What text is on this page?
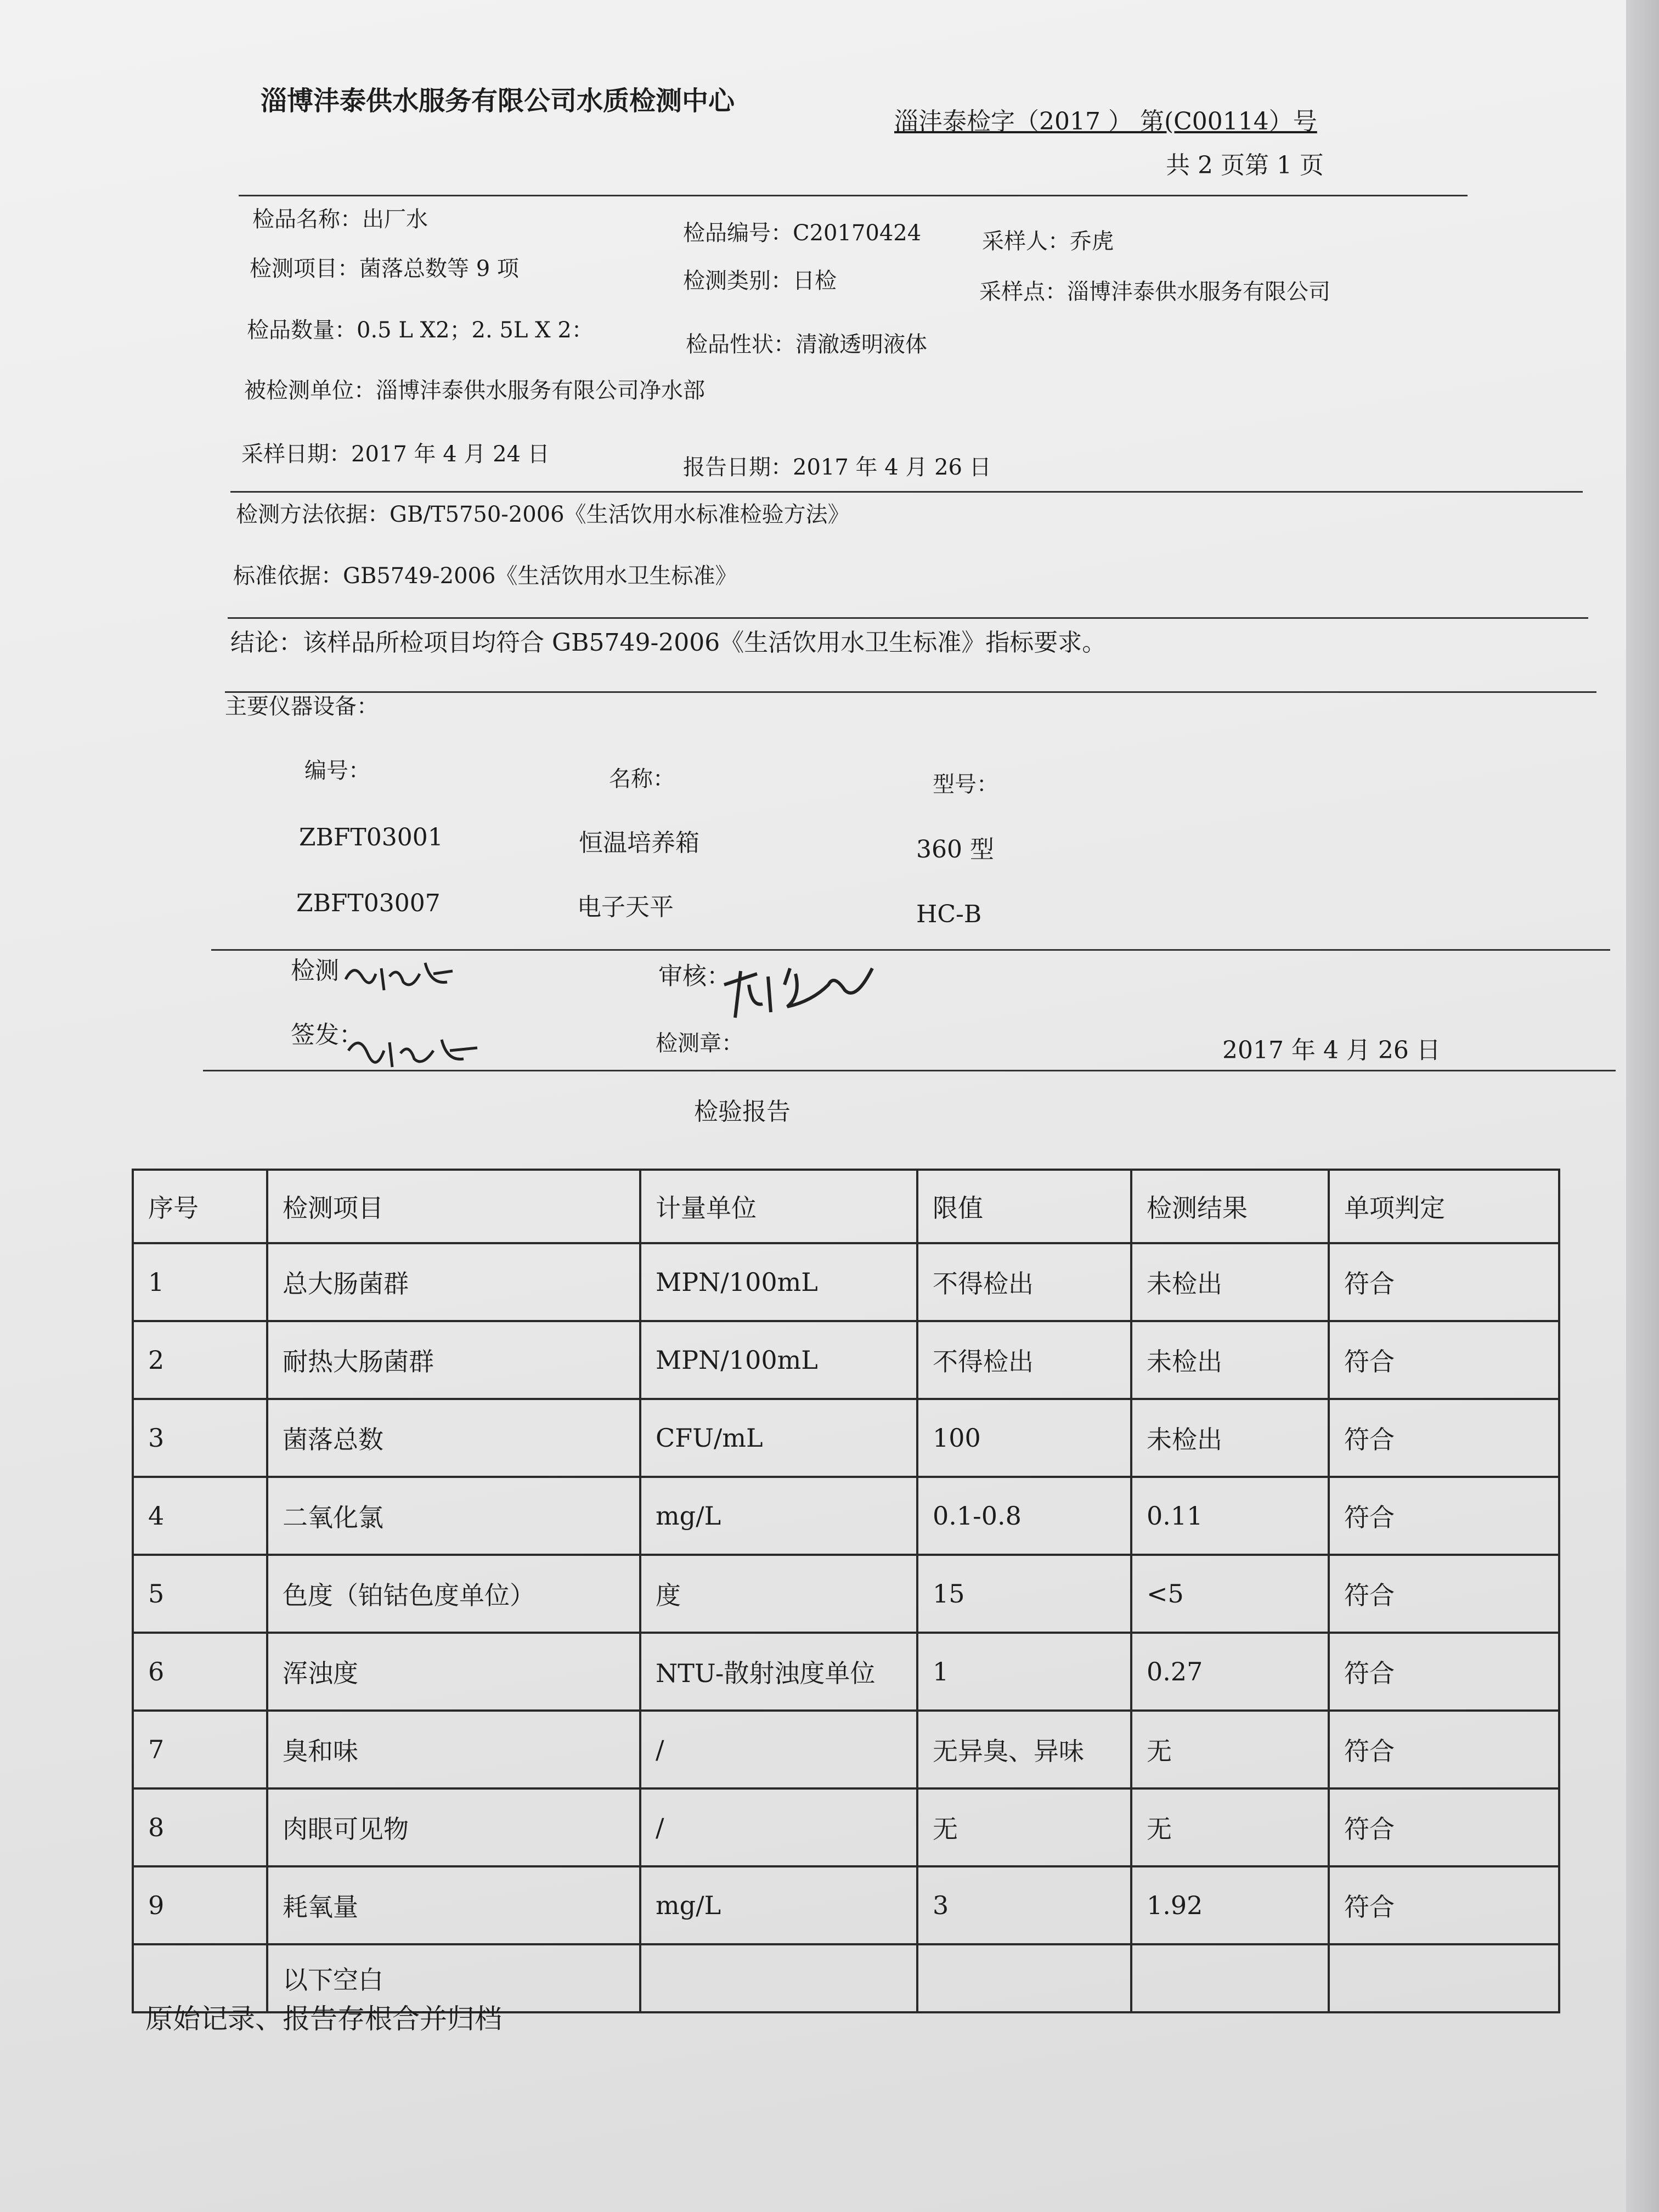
淄博沣泰供水服务有限公司水质检测中心
淄沣泰检字（2017 ） 第(C00114）号
共 2 页第 1 页
检品名称：出厂水
检品编号：C20170424	采样人：乔虎
检测项目：菌落总数等 9 项	检测类别：日检	采样点：淄博沣泰供水服务有限公司
检品数量：0.5 L X2；2. 5L X 2：
检品性状：清澈透明液体
被检测单位：淄博沣泰供水服务有限公司净水部
采样日期：2017 年 4 月 24 日
报告日期：2017 年 4 月 26 日
检测方法依据：GB/T5750-2006《生活饮用水标准检验方法》
标准依据：GB5749-2006《生活饮用水卫生标准》
结论：该样品所检项目均符合 GB5749-2006《生活饮用水卫生标准》指标要求。
主要仪器设备：
编号：	名称：	型号：
ZBFT03001	恒温培养箱	360 型
ZBFT03007	电子天平	HC-B
检测	审核：
签发：	检测章：	2017 年 4 月 26 日
检验报告
序号	检测项目	计量单位	限值	检测结果	单项判定
1	总大肠菌群	MPN/100mL	不得检出	未检出	符合
2	耐热大肠菌群	MPN/100mL	不得检出	未检出	符合
3	菌落总数	CFU/mL	100	未检出	符合
4	二氧化氯	mg/L	0.1-0.8	0.11	符合
5	色度（铂钴色度单位）	度	15	<5	符合
6	浑浊度	NTU-散射浊度单位	1	0.27	符合
7	臭和味	/	无异臭、异味	无	符合
8	肉眼可见物	/	无	无	符合
9	耗氧量	mg/L	3	1.92	符合
	以下空白				
原始记录、报告存根合并归档
